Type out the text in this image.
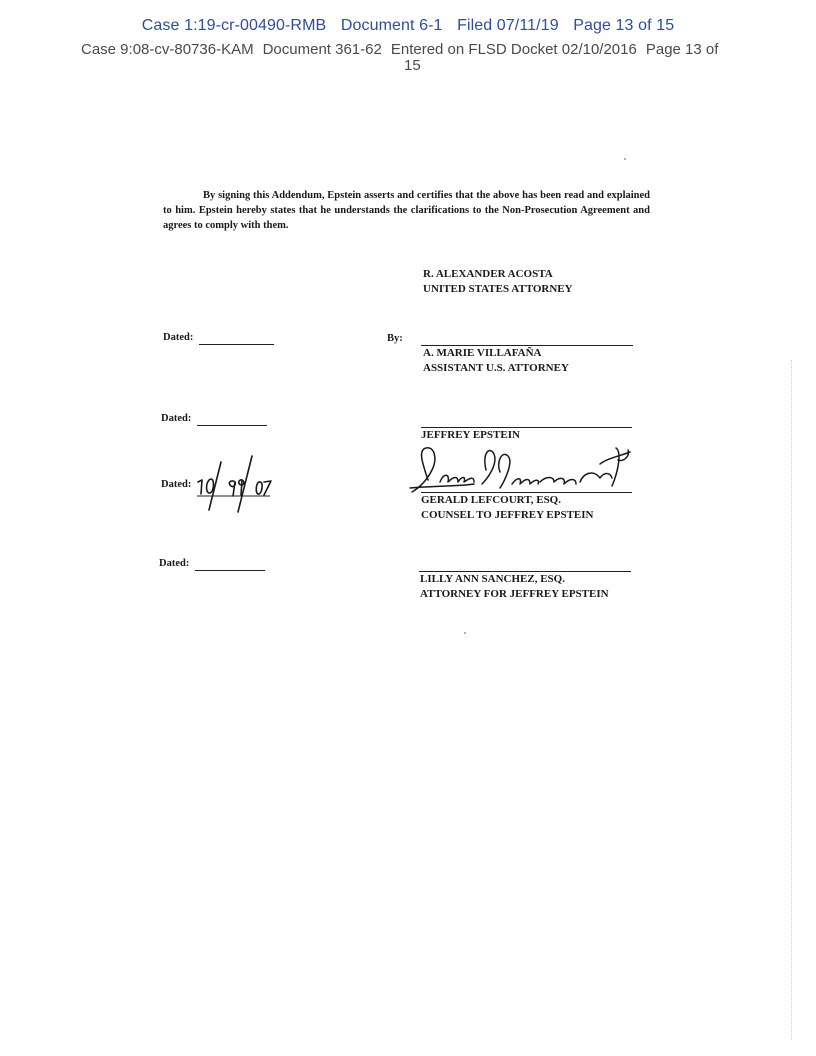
Case 1:19-cr-00490-RMB Document 6-1 Filed 07/11/19 Page 13 of 15
Case 9:08-cv-80736-KAM Document 361-62 Entered on FLSD Docket 02/10/2016 Page 13 of
15
By signing this Addendum, Epstein asserts and certifies that the above has been read and explained to him. Epstein hereby states that he understands the clarifications to the Non-Prosecution Agreement and agrees to comply with them.
R. ALEXANDER ACOSTA
UNITED STATES ATTORNEY
Dated:	By:
A. MARIE VILLAFAÑA
ASSISTANT U.S. ATTORNEY
Dated:
JEFFREY EPSTEIN
Dated:
GERALD LEFCOURT, ESQ.
COUNSEL TO JEFFREY EPSTEIN
Dated:
LILLY ANN SANCHEZ, ESQ.
ATTORNEY FOR JEFFREY EPSTEIN
